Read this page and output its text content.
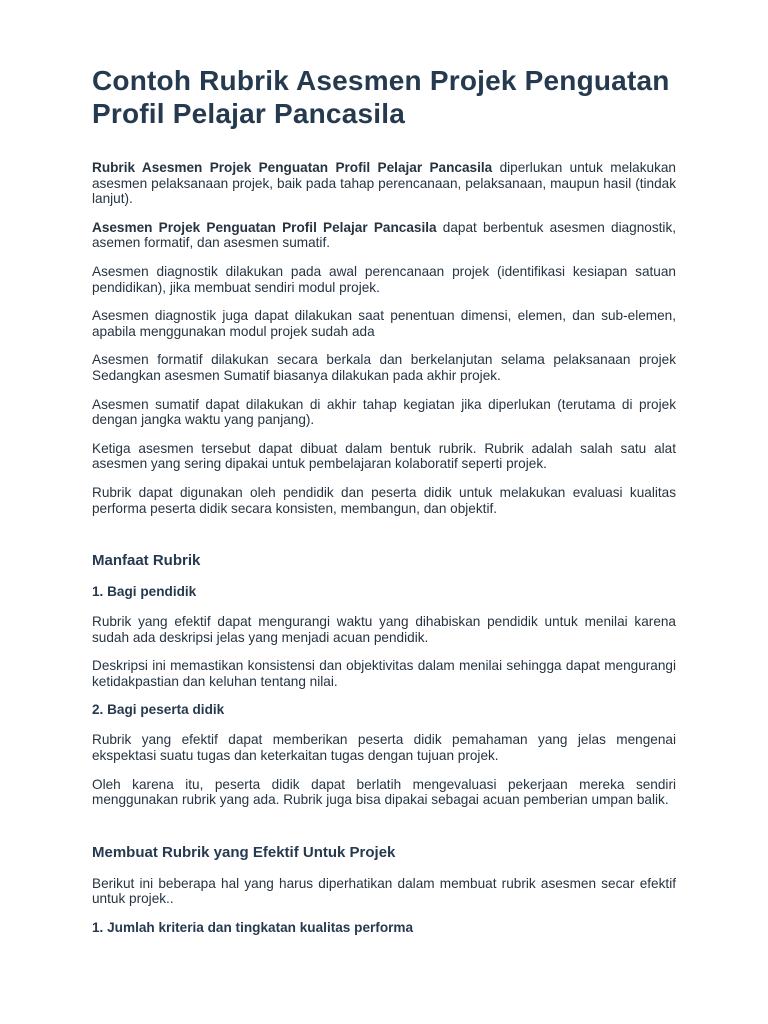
Contoh Rubrik Asesmen Projek Penguatan Profil Pelajar Pancasila

Rubrik Asesmen Projek Penguatan Profil Pelajar Pancasila diperlukan untuk melakukan asesmen pelaksanaan projek, baik pada tahap perencanaan, pelaksanaan, maupun hasil (tindak lanjut).

Asesmen Projek Penguatan Profil Pelajar Pancasila dapat berbentuk asesmen diagnostik, asemen formatif, dan asesmen sumatif.

Asesmen diagnostik dilakukan pada awal perencanaan projek (identifikasi kesiapan satuan pendidikan), jika membuat sendiri modul projek.

Asesmen diagnostik juga dapat dilakukan saat penentuan dimensi, elemen, dan sub-elemen, apabila menggunakan modul projek sudah ada

Asesmen formatif dilakukan secara berkala dan berkelanjutan selama pelaksanaan projek Sedangkan asesmen Sumatif biasanya dilakukan pada akhir projek.

Asesmen sumatif dapat dilakukan di akhir tahap kegiatan jika diperlukan (terutama di projek dengan jangka waktu yang panjang).

Ketiga asesmen tersebut dapat dibuat dalam bentuk rubrik. Rubrik adalah salah satu alat asesmen yang sering dipakai untuk pembelajaran kolaboratif seperti projek.

Rubrik dapat digunakan oleh pendidik dan peserta didik untuk melakukan evaluasi kualitas performa peserta didik secara konsisten, membangun, dan objektif.

Manfaat Rubrik
1. Bagi pendidik

Rubrik yang efektif dapat mengurangi waktu yang dihabiskan pendidik untuk menilai karena sudah ada deskripsi jelas yang menjadi acuan pendidik.

Deskripsi ini memastikan konsistensi dan objektivitas dalam menilai sehingga dapat mengurangi ketidakpastian dan keluhan tentang nilai.

2. Bagi peserta didik

Rubrik yang efektif dapat memberikan peserta didik pemahaman yang jelas mengenai ekspektasi suatu tugas dan keterkaitan tugas dengan tujuan projek.

Oleh karena itu, peserta didik dapat berlatih mengevaluasi pekerjaan mereka sendiri menggunakan rubrik yang ada. Rubrik juga bisa dipakai sebagai acuan pemberian umpan balik.

Membuat Rubrik yang Efektif Untuk Projek

Berikut ini beberapa hal yang harus diperhatikan dalam membuat rubrik asesmen secar efektif untuk projek..

1. Jumlah kriteria dan tingkatan kualitas performa
